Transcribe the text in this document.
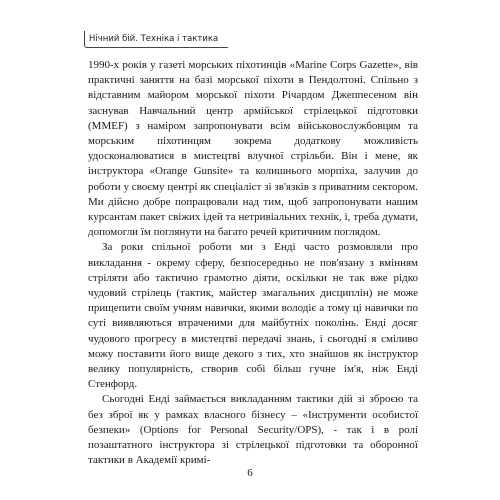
Нічний бій. Техніка і тактика

1990-х років у газеті морських піхотинців «Marine Corps Gazette», вів практичні заняття на базі морської піхоти в Пендолтоні. Спільно з відставним майором морської піхоти Річардом Джеппесеном він заснував Навчальний центр армійської стрілецької підготовки (MMEF) з наміром запропонувати всім військовослужбовцям та морським піхотинцям зокрема додаткову можливість удосконалюватися в мистецтві влучної стрільби. Він і мене, як інструктора «Orange Gunsite» та колишнього морпіха, залучив до роботи у своєму центрі як спеціаліст зі зв'язків з приватним сектором. Ми дійсно добре попрацювали над тим, щоб запропонувати нашим курсантам пакет свіжих ідей та нетривіальних технік, і, треба думати, допомогли їм поглянути на багато речей критичним поглядом.

За роки спільної роботи ми з Енді часто розмовляли про викладання - окрему сферу, безпосередньо не пов'язану з вмінням стріляти або тактично грамотно діяти, оскільки не так вже рідко чудовий стрілець (тактик, майстер змагальних дисциплін) не може прищепити своїм учням навички, якими володіє а тому ці навички по суті виявляються втраченими для майбутніх поколінь. Енді досяг чудового прогресу в мистецтві передачі знань, і сьогодні я сміливо можу поставити його вище декого з тих, хто знайшов як інструктор велику популярність, створив собі більш гучне ім'я, ніж Енді Стенфорд.

Сьогодні Енді займається викладанням тактики дій зі зброєю та без зброї як у рамках власного бізнесу – «Інструменти особистої безпеки» (Options for Personal Security/OPS), - так і в ролі позаштатного інструктора зі стрілецької підготовки та оборонної тактики в Академії кримі-

6
